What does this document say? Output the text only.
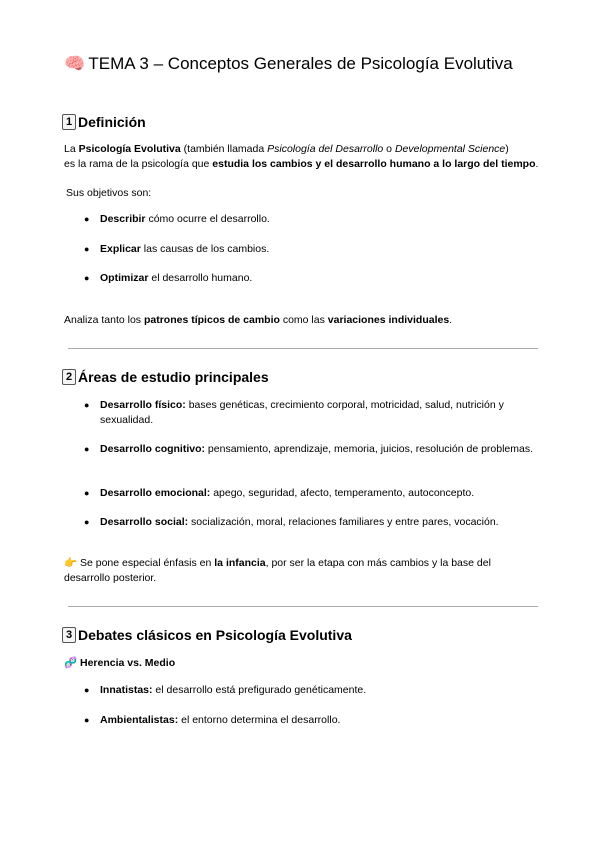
🧠 TEMA 3 – Conceptos Generales de Psicología Evolutiva
1 Definición

La Psicología Evolutiva (también llamada Psicología del Desarrollo o Developmental Science)
es la rama de la psicología que estudia los cambios y el desarrollo humano a lo largo del tiempo.

Sus objetivos son:

● Describir cómo ocurre el desarrollo.
● Explicar las causas de los cambios.
● Optimizar el desarrollo humano.

Analiza tanto los patrones típicos de cambio como las variaciones individuales.

2 Áreas de estudio principales
● Desarrollo físico: bases genéticas, crecimiento corporal, motricidad, salud, nutrición y sexualidad.
● Desarrollo cognitivo: pensamiento, aprendizaje, memoria, juicios, resolución de problemas.
● Desarrollo emocional: apego, seguridad, afecto, temperamento, autoconcepto.
● Desarrollo social: socialización, moral, relaciones familiares y entre pares, vocación.

👉 Se pone especial énfasis en la infancia, por ser la etapa con más cambios y la base del desarrollo posterior.

3 Debates clásicos en Psicología Evolutiva

🧬 Herencia vs. Medio

● Innatistas: el desarrollo está prefigurado genéticamente.
● Ambientalistas: el entorno determina el desarrollo.
